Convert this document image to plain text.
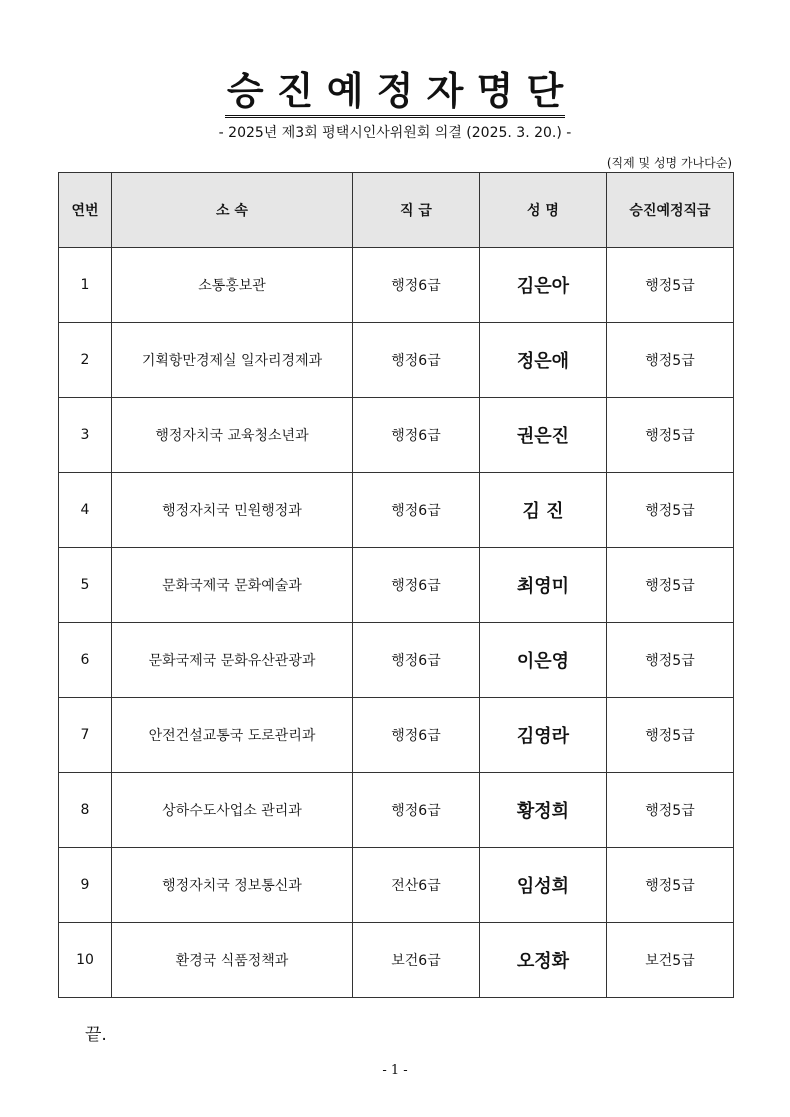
승 진 예 정 자 명 단
- 2025년 제3회 평택시인사위원회 의결 (2025. 3. 20.) -
(직제 및 성명 가나다순)
연번	소 속	직 급	성 명	승진예정직급
1	소통홍보관	행정6급	김은아	행정5급
2	기획항만경제실 일자리경제과	행정6급	정은애	행정5급
3	행정자치국 교육청소년과	행정6급	권은진	행정5급
4	행정자치국 민원행정과	행정6급	김 진	행정5급
5	문화국제국 문화예술과	행정6급	최영미	행정5급
6	문화국제국 문화유산관광과	행정6급	이은영	행정5급
7	안전건설교통국 도로관리과	행정6급	김영라	행정5급
8	상하수도사업소 관리과	행정6급	황정희	행정5급
9	행정자치국 정보통신과	전산6급	임성희	행정5급
10	환경국 식품정책과	보건6급	오정화	보건5급
끝.
- 1 -
